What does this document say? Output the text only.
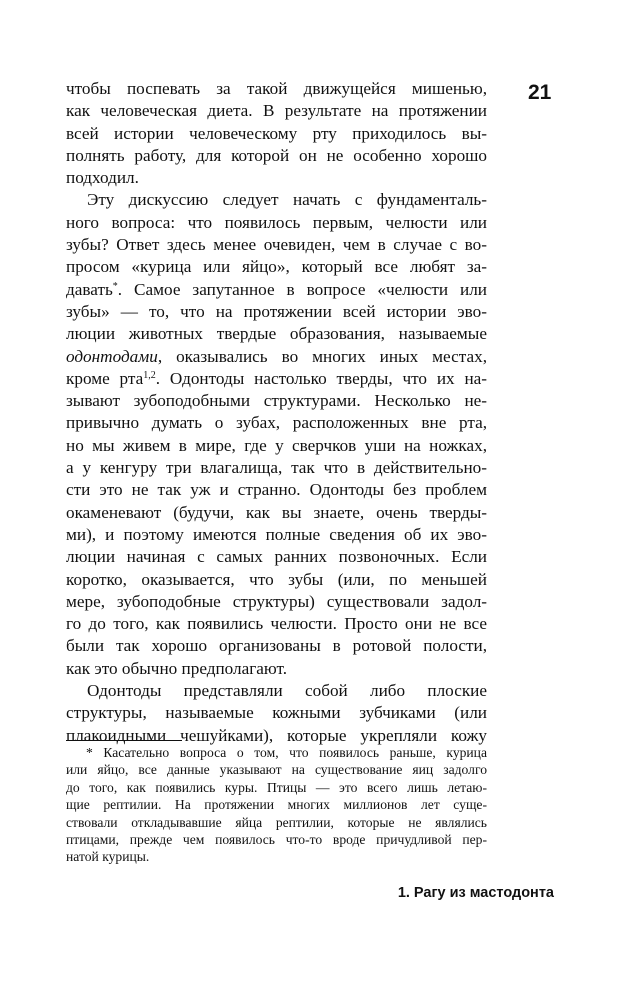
21
чтобы поспевать за такой движущейся мишенью,
как человеческая диета. В результате на протяжении
всей истории человеческому рту приходилось вы-
полнять работу, для которой он не особенно хорошо
подходил.
Эту дискуссию следует начать с фундаменталь-
ного вопроса: что появилось первым, челюсти или
зубы? Ответ здесь менее очевиден, чем в случае с во-
просом «курица или яйцо», который все любят за-
давать*. Самое запутанное в вопросе «челюсти или
зубы» — то, что на протяжении всей истории эво-
люции животных твердые образования, называемые
одонтодами, оказывались во многих иных местах,
кроме рта$^{1,2}$. Одонтоды настолько тверды, что их на-
зывают зубоподобными структурами. Несколько не-
привычно думать о зубах, расположенных вне рта,
но мы живем в мире, где у сверчков уши на ножках,
а у кенгуру три влагалища, так что в действительно-
сти это не так уж и странно. Одонтоды без проблем
окаменевают (будучи, как вы знаете, очень тверды-
ми), и поэтому имеются полные сведения об их эво-
люции начиная с самых ранних позвоночных. Если
коротко, оказывается, что зубы (или, по меньшей
мере, зубоподобные структуры) существовали задол-
го до того, как появились челюсти. Просто они не все
были так хорошо организованы в ротовой полости,
как это обычно предполагают.
Одонтоды представляли собой либо плоские
структуры, называемые кожными зубчиками (или
плакоидными чешуйками), которые укрепляли кожу
* Касательно вопроса о том, что появилось раньше, курица
или яйцо, все данные указывают на существование яиц задолго
до того, как появились куры. Птицы — это всего лишь летаю-
щие рептилии. На протяжении многих миллионов лет суще-
ствовали откладывавшие яйца рептилии, которые не являлись
птицами, прежде чем появилось что-то вроде причудливой пер-
натой курицы.
1. Рагу из мастодонта
